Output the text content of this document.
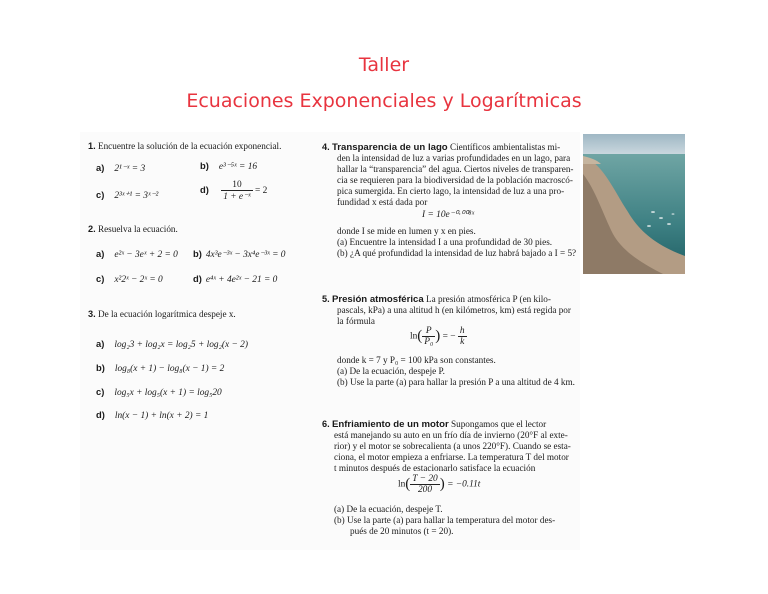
Taller
Ecuaciones Exponenciales y Logarítmicas
1. Encuentre la solución de la ecuación exponencial.
a) 2¹⁻ˣ = 3	b) e³⁻⁵ˣ = 16
c) 2³ˣ⁺¹ = 3ˣ⁻²
$d) \frac{10}{\text{1 + e⁻ˣ}} = 2$
2. Resuelva la ecuación.
a) e²ˣ − 3eˣ + 2 = 0 b) 4x³e⁻³ˣ − 3x⁴e⁻³ˣ = 0
c) x²2ˣ − 2ˣ = 0	d) e⁴ˣ + 4e²ˣ − 21 = 0
3. De la ecuación logarítmica despeje x.
a) log₂3 + log₂x = log₂5 + log₂(x − 2)
b) log₈(x + 1) − log₈(x − 1) = 2
c) log₅x + log₅(x + 1) = log₅20
d) ln(x − 1) + ln(x + 2) = 1
4. Transparencia de un lago Científicos ambientalistas mi-
den la intensidad de luz a varias profundidades en un lago, para
hallar la “transparencia” del agua. Ciertos niveles de transparen-
cia se requieren para la biodiversidad de la población macroscó-
pica sumergida. En cierto lago, la intensidad de luz a una pro-
fundidad x está dada por
I = 10e⁻⁰·⁰⁰⁸ˣ
donde I se mide en lumen y x en pies.
(a) Encuentre la intensidad I a una profundidad de 30 pies.
(b) ¿A qué profundidad la intensidad de luz habrá bajado a I = 5?
5. Presión atmosférica La presión atmosférica P (en kilo-
pascals, kPa) a una altitud h (en kilómetros, km) está regida por
la fórmula
$\ln( \frac{P}{\text{P₀}}$ ) = − $\frac{h}{k}$
donde k = 7 y P₀ = 100 kPa son constantes.
(a) De la ecuación, despeje P.
(b) Use la parte (a) para hallar la presión P a una altitud de 4 km.
6. Enfriamiento de un motor Supongamos que el lector
está manejando su auto en un frío día de invierno (20°F al exte-
rior) y el motor se sobrecalienta (a unos 220°F). Cuando se esta-
ciona, el motor empieza a enfriarse. La temperatura T del motor
t minutos después de estacionarlo satisface la ecuación
$\ln( \frac{T - 20}{200}$ ) = −0.11t
(a) De la ecuación, despeje T.
(b) Use la parte (a) para hallar la temperatura del motor des-
pués de 20 minutos (t = 20).
